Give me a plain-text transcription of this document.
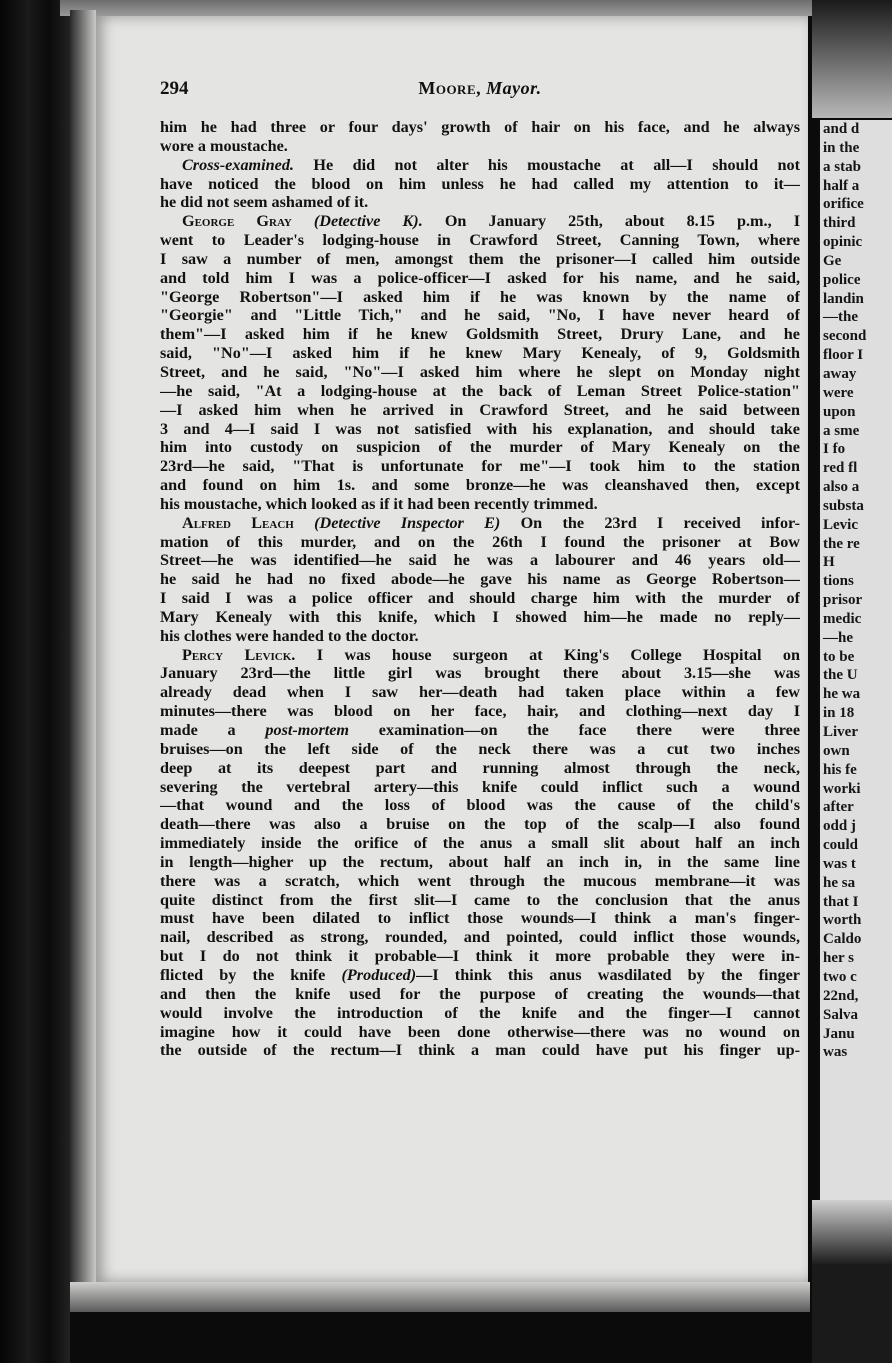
294	Moore, Mayor.
him he had three or four days' growth of hair on his face, and he always
wore a moustache.
Cross-examined. He did not alter his moustache at all—I should not
have noticed the blood on him unless he had called my attention to it—
he did not seem ashamed of it.
George Gray (Detective K). On January 25th, about 8.15 p.m., I
went to Leader's lodging-house in Crawford Street, Canning Town, where
I saw a number of men, amongst them the prisoner—I called him outside
and told him I was a police-officer—I asked for his name, and he said,
"George Robertson"—I asked him if he was known by the name of
"Georgie" and "Little Tich," and he said, "No, I have never heard of
them"—I asked him if he knew Goldsmith Street, Drury Lane, and he
said, "No"—I asked him if he knew Mary Kenealy, of 9, Goldsmith
Street, and he said, "No"—I asked him where he slept on Monday night
—he said, "At a lodging-house at the back of Leman Street Police-station"
—I asked him when he arrived in Crawford Street, and he said between
3 and 4—I said I was not satisfied with his explanation, and should take
him into custody on suspicion of the murder of Mary Kenealy on the
23rd—he said, "That is unfortunate for me"—I took him to the station
and found on him 1s. and some bronze—he was cleanshaved then, except
his moustache, which looked as if it had been recently trimmed.
Alfred Leach (Detective Inspector E) On the 23rd I received infor-
mation of this murder, and on the 26th I found the prisoner at Bow
Street—he was identified—he said he was a labourer and 46 years old—
he said he had no fixed abode—he gave his name as George Robertson—
I said I was a police officer and should charge him with the murder of
Mary Kenealy with this knife, which I showed him—he made no reply—
his clothes were handed to the doctor.
Percy Levick. I was house surgeon at King's College Hospital on
January 23rd—the little girl was brought there about 3.15—she was
already dead when I saw her—death had taken place within a few
minutes—there was blood on her face, hair, and clothing—next day I
made a post-mortem examination—on the face there were three
bruises—on the left side of the neck there was a cut two inches
deep at its deepest part and running almost through the neck,
severing the vertebral artery—this knife could inflict such a wound
—that wound and the loss of blood was the cause of the child's
death—there was also a bruise on the top of the scalp—I also found
immediately inside the orifice of the anus a small slit about half an inch
in length—higher up the rectum, about half an inch in, in the same line
there was a scratch, which went through the mucous membrane—it was
quite distinct from the first slit—I came to the conclusion that the anus
must have been dilated to inflict those wounds—I think a man's finger-
nail, described as strong, rounded, and pointed, could inflict those wounds,
but I do not think it probable—I think it more probable they were in-
flicted by the knife (Produced)—I think this anus wasdilated by the finger
and then the knife used for the purpose of creating the wounds—that
would involve the introduction of the knife and the finger—I cannot
imagine how it could have been done otherwise—there was no wound on
the outside of the rectum—I think a man could have put his finger up-
and d
in the
a stab
half a
orifice
third
opinic
Ge
police
landin
—the
second
floor I
away
were
upon
a sme
I fo
red fl
also a
substa
Levic
the re
H
tions
prisor
medic
—he
to be
the U
he wa
in 18
Liver
own
his fe
worki
after
odd j
could
was t
he sa
that I
worth
Caldo
her s
two c
22nd,
Salva
Janu
was
